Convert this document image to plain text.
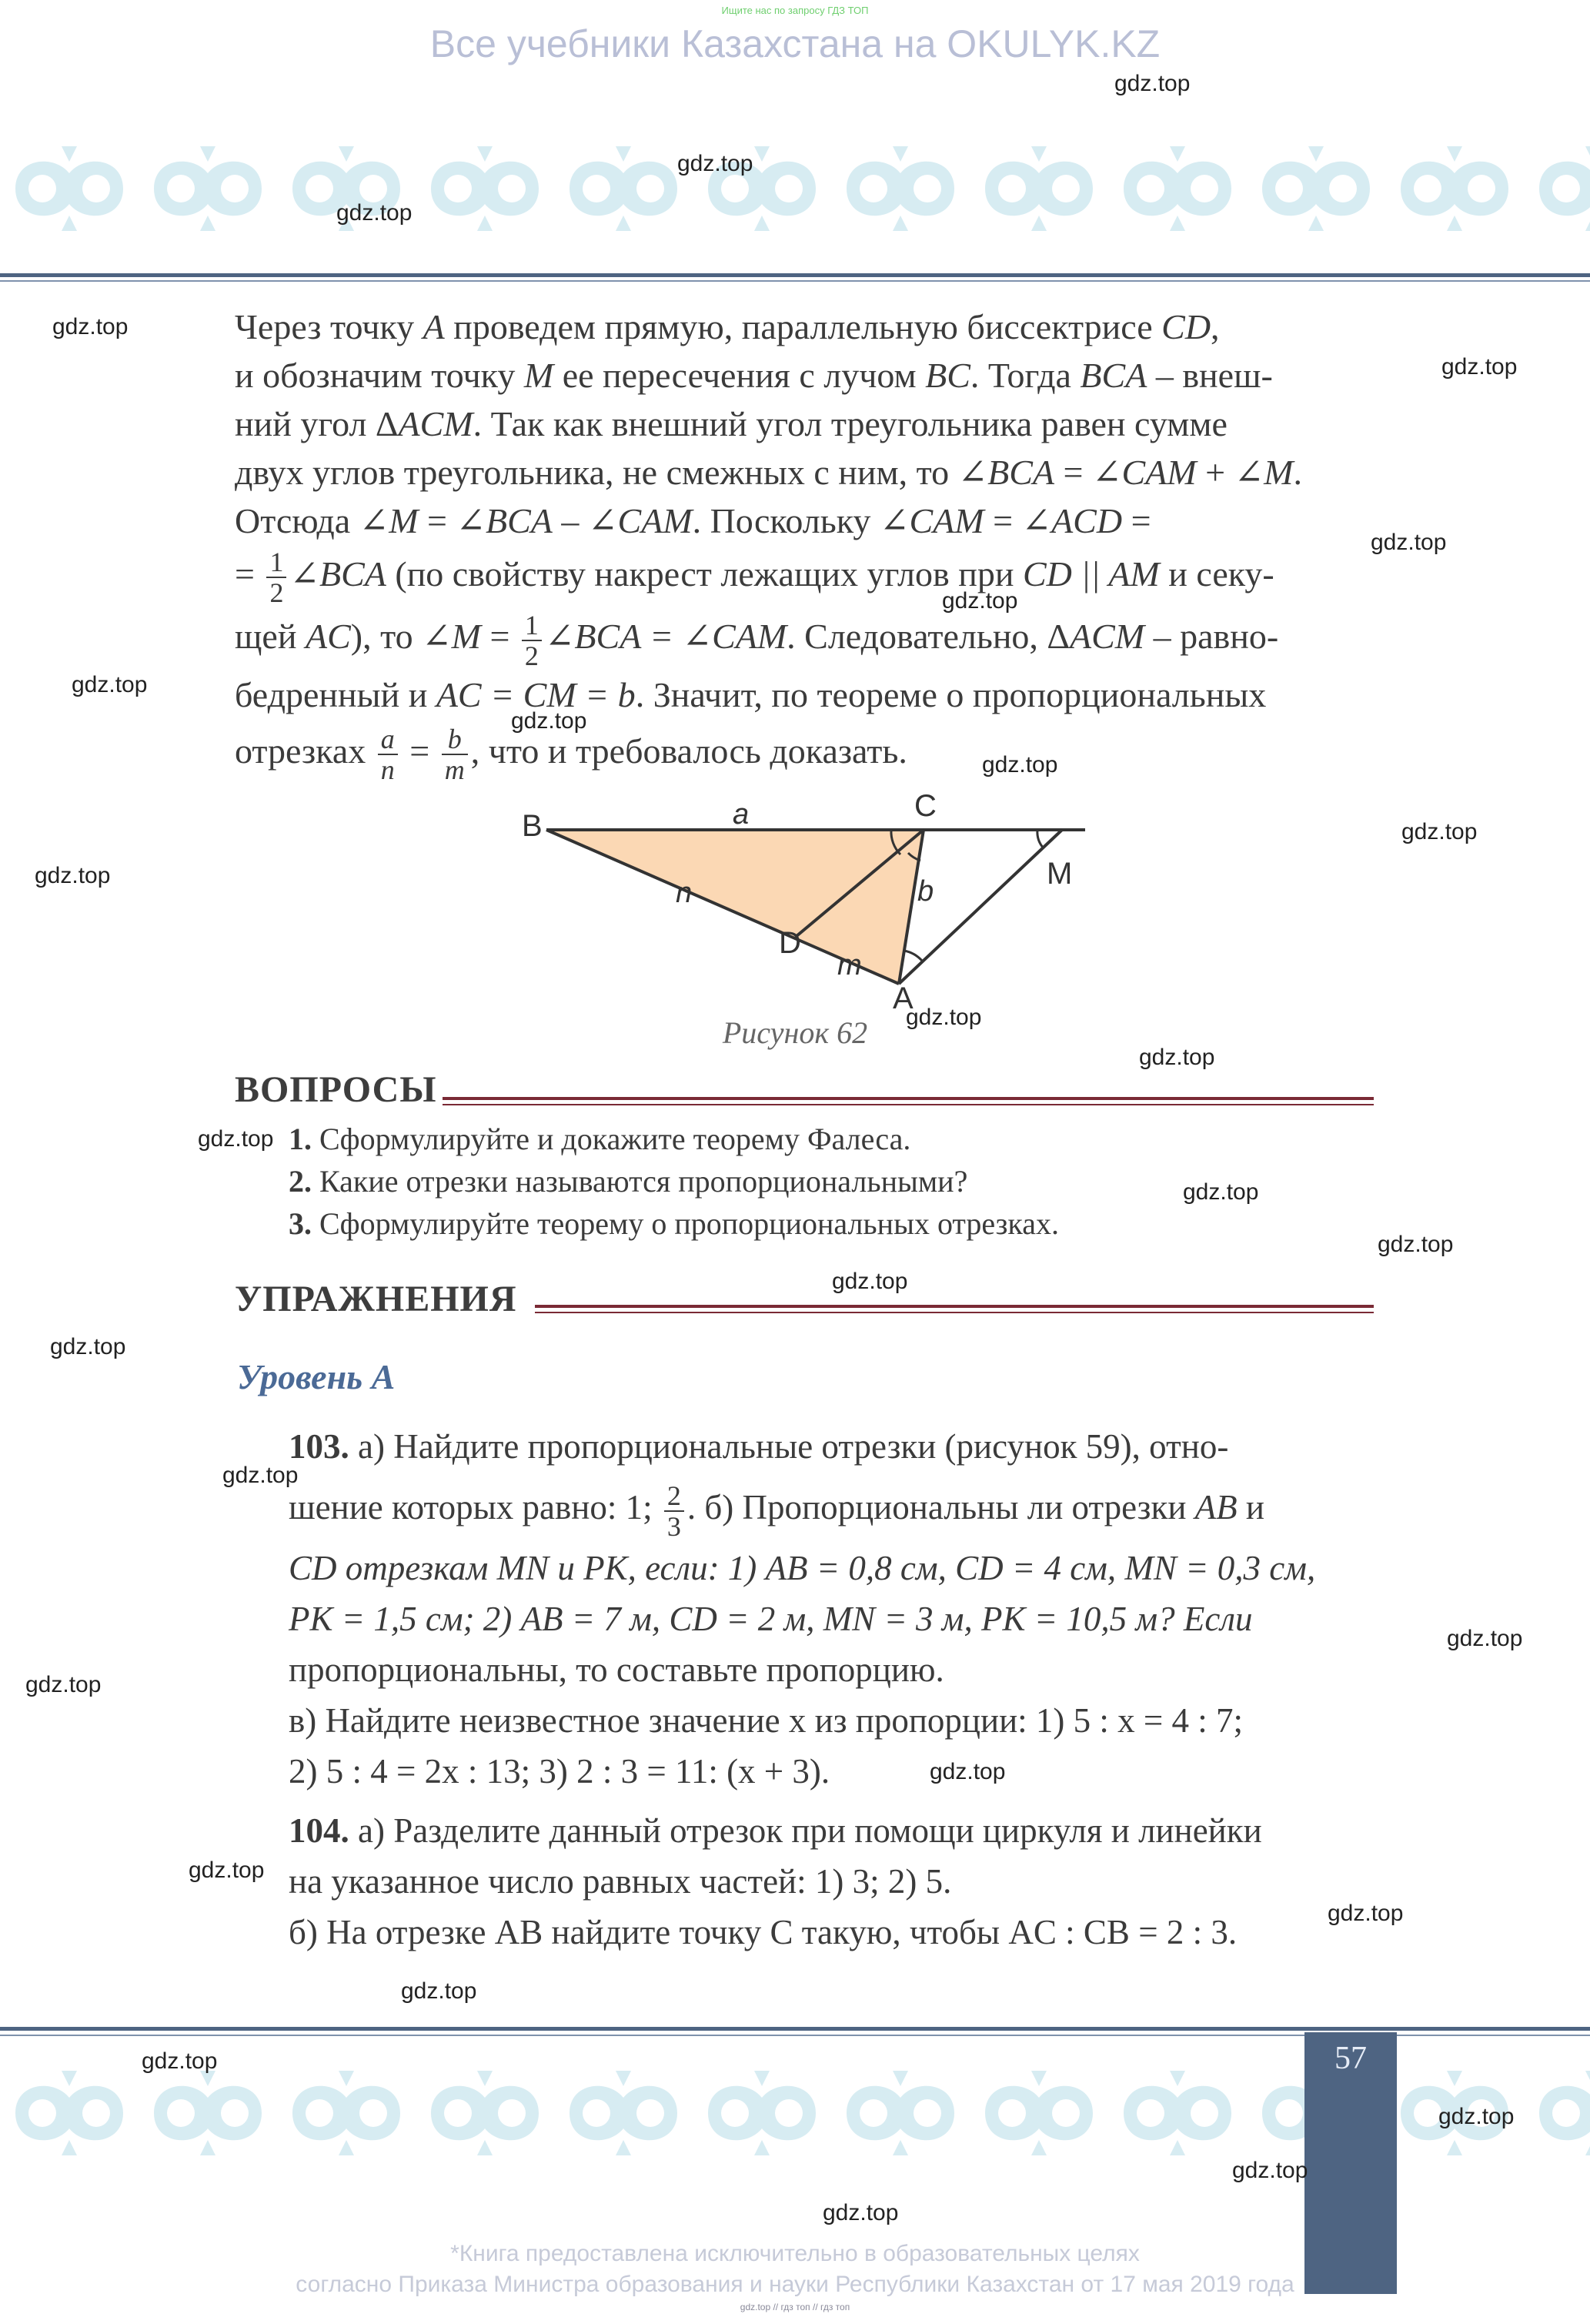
Ищите нас по запросу ГДЗ ТОП
Все учебники Казахстана на OKULYK.KZ
Через точку A проведем прямую, параллельную биссектрисе CD,
и обозначим точку M ее пересечения с лучом BC. Тогда BCA – внеш-
ний угол ΔACM. Так как внешний угол треугольника равен сумме
двух углов треугольника, не смежных с ним, то ∠BCA = ∠CAM + ∠M.
Отсюда ∠M = ∠BCA – ∠CAM. Поскольку ∠CAM = ∠ACD =
= $\frac{1}{2}$ ∠BCA (по свойству накрест лежащих углов при CD || AM и секу-
щей AC), то ∠M = $\frac{1}{2}$ ∠BCA = ∠CAM. Следовательно, ΔACM – равно-
бедренный и AC = CM = b. Значит, по теореме о пропорциональных
отрезках $\frac{a}{n} = \frac{b}{m}$ , что и требовалось доказать.
B
C
M
D
A
a
b
n
m
Рисунок 62
ВОПРОСЫ
1. Сформулируйте и докажите теорему Фалеса.
2. Какие отрезки называются пропорциональными?
3. Сформулируйте теорему о пропорциональных отрезках.
УПРАЖНЕНИЯ
Уровень А
103. а) Найдите пропорциональные отрезки (рисунок 59), отно-
шение которых равно: 1; $\frac{2}{3}$ . б) Пропорциональны ли отрезки AB и
CD отрезкам MN и PK, если: 1) AB = 0,8 см, CD = 4 см, MN = 0,3 см,
PK = 1,5 см; 2) AB = 7 м, CD = 2 м, MN = 3 м, PK = 10,5 м? Если
пропорциональны, то составьте пропорцию.
в) Найдите неизвестное значение x из пропорции: 1) 5 : x = 4 : 7;
2) 5 : 4 = 2x : 13; 3) 2 : 3 = 11: (x + 3).
104. а) Разделите данный отрезок при помощи циркуля и линейки
на указанное число равных частей: 1) 3; 2) 5.
б) На отрезке AB найдите точку C такую, чтобы AC : CB = 2 : 3.
57
*Книга предоставлена исключительно в образовательных целях
согласно Приказа Министра образования и науки Республики Казахстан от 17 мая 2019 года
gdz.top // гдз топ // гдз топ
gdz.top
gdz.top
gdz.top
gdz.top
gdz.top
gdz.top
gdz.top
gdz.top
gdz.top
gdz.top
gdz.top
gdz.top
gdz.top
gdz.top
gdz.top
gdz.top
gdz.top
gdz.top
gdz.top
gdz.top
gdz.top
gdz.top
gdz.top
gdz.top
gdz.top
gdz.top
gdz.top
gdz.top
gdz.top
gdz.top
